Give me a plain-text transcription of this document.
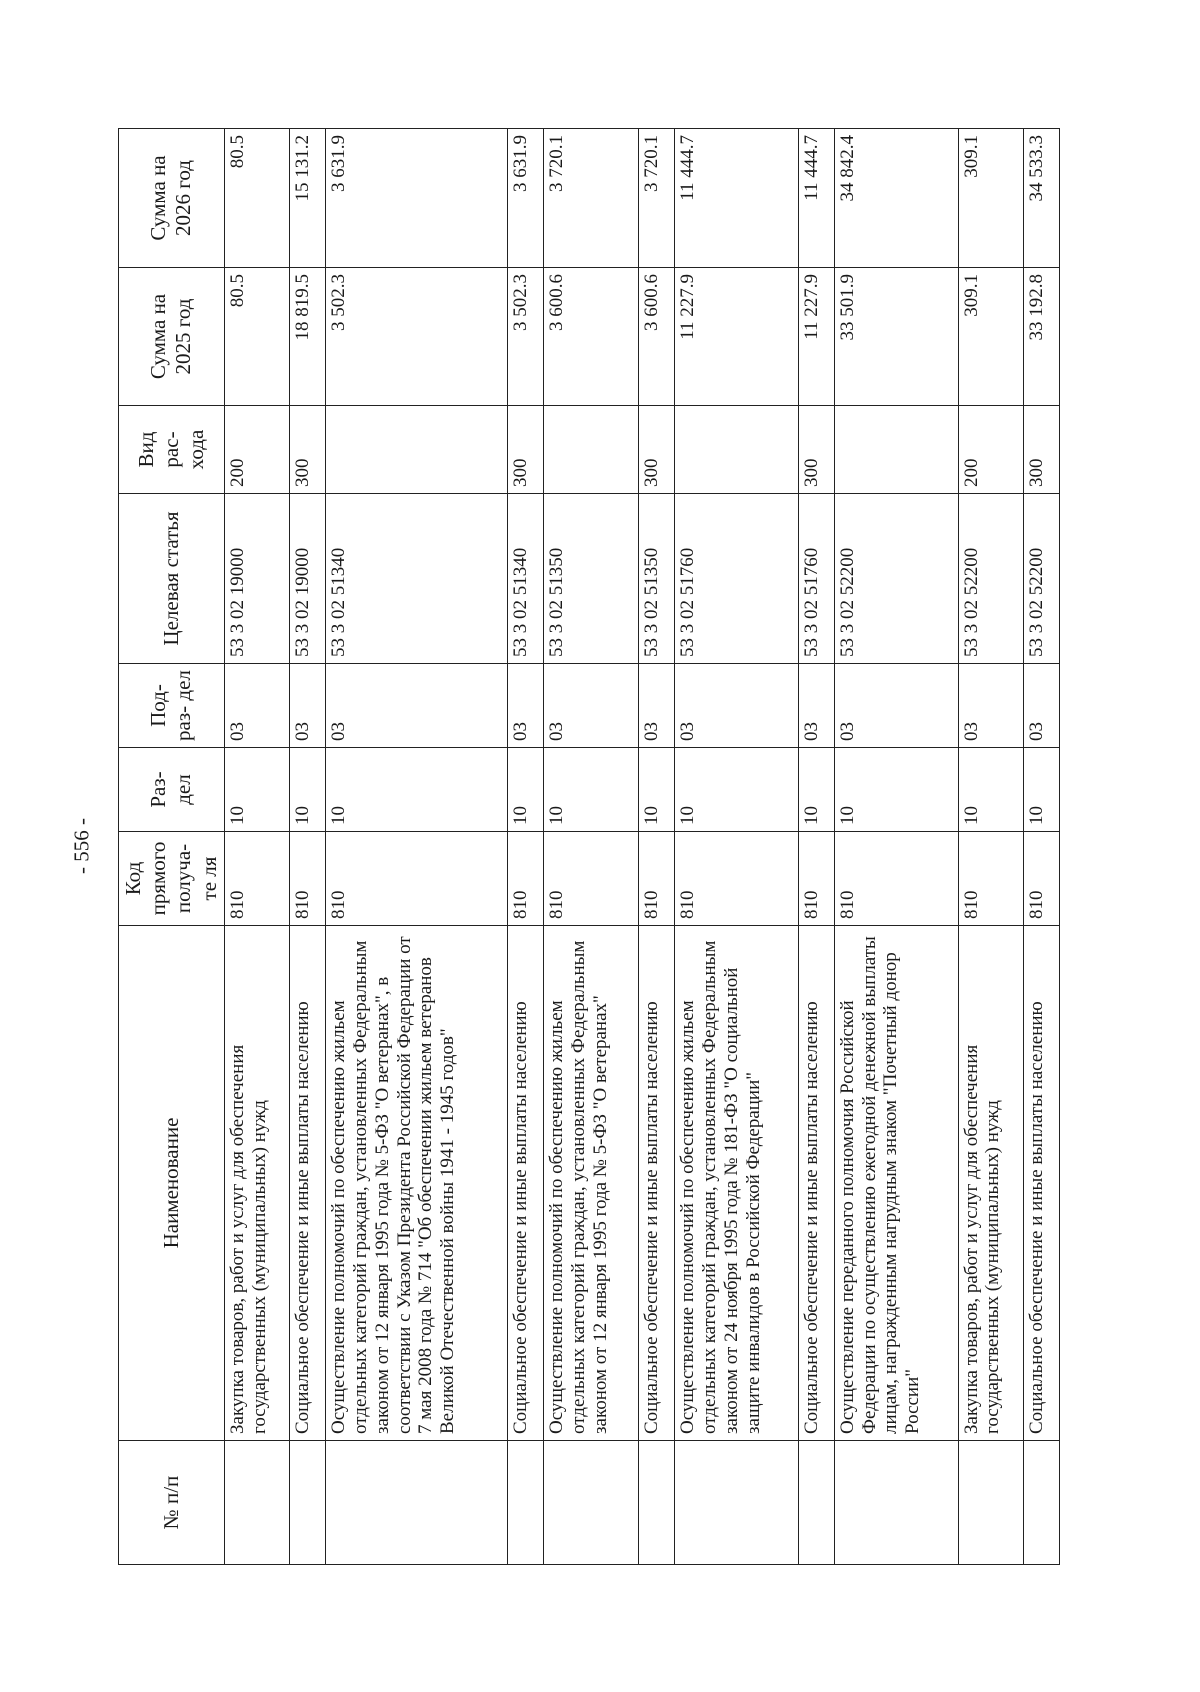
- 556 -
№ п/п	Наименование	Код прямого получа-те ля	Раз- дел	Под- раз- дел	Целевая статья	Вид рас- хода	Сумма на 2025 год	Сумма на 2026 год
	Закупка товаров, работ и услуг для обеспечения государственных (муниципальных) нужд	810	10	03	53 3 02 19000	200	80.5	80.5
	Социальное обеспечение и иные выплаты населению	810	10	03	53 3 02 19000	300	18 819.5	15 131.2
	Осуществление полномочий по обеспечению жильем отдельных категорий граждан, установленных Федеральным законом от 12 января 1995 года № 5-ФЗ "О ветеранах", в соответствии с Указом Президента Российской Федерации от 7 мая 2008 года № 714 "Об обеспечении жильем ветеранов Великой Отечественной войны 1941 - 1945 годов"	810	10	03	53 3 02 51340		3 502.3	3 631.9
	Социальное обеспечение и иные выплаты населению	810	10	03	53 3 02 51340	300	3 502.3	3 631.9
	Осуществление полномочий по обеспечению жильем отдельных категорий граждан, установленных Федеральным законом от 12 января 1995 года № 5-ФЗ "О ветеранах"	810	10	03	53 3 02 51350		3 600.6	3 720.1
	Социальное обеспечение и иные выплаты населению	810	10	03	53 3 02 51350	300	3 600.6	3 720.1
	Осуществление полномочий по обеспечению жильем отдельных категорий граждан, установленных Федеральным законом от 24 ноября 1995 года № 181-ФЗ "О социальной защите инвалидов в Российской Федерации"	810	10	03	53 3 02 51760		11 227.9	11 444.7
	Социальное обеспечение и иные выплаты населению	810	10	03	53 3 02 51760	300	11 227.9	11 444.7
	Осуществление переданного полномочия Российской Федерации по осуществлению ежегодной денежной выплаты лицам, награжденным нагрудным знаком "Почетный донор России"	810	10	03	53 3 02 52200		33 501.9	34 842.4
	Закупка товаров, работ и услуг для обеспечения государственных (муниципальных) нужд	810	10	03	53 3 02 52200	200	309.1	309.1
	Социальное обеспечение и иные выплаты населению	810	10	03	53 3 02 52200	300	33 192.8	34 533.3
